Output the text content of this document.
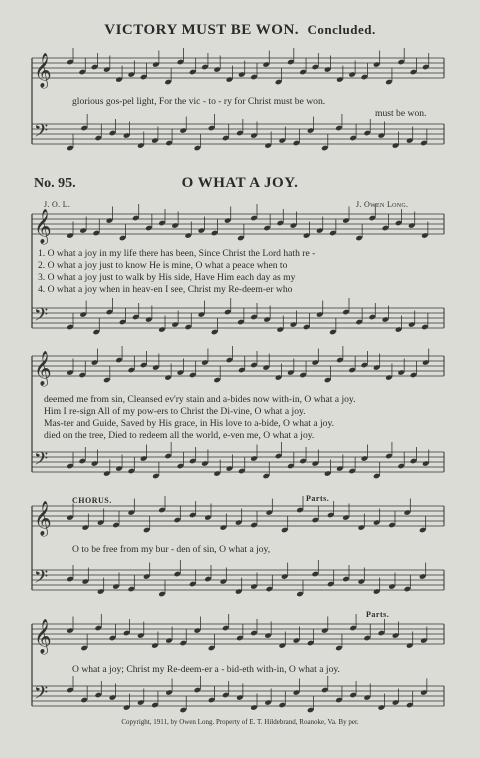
VICTORY MUST BE WON. Concluded.
𝄞
𝄢
𝄞
𝄢
𝄞
𝄢
𝄞
𝄢
𝄞
𝄢
glorious gos-pel light, For the vic - to - ry for Christ must be won.
must be won.
No. 95.	O WHAT A JOY.
J. O. L.	J. Owen Long.
1. O what a joy in my life there has been, Since Christ the Lord hath re -
2. O what a joy just to know He is mine, O what a peace when to
3. O what a joy just to walk by His side, Have Him each day as my
4. O what a joy when in heav-en I see, Christ my Re-deem-er who
deemed me from sin, Cleansed ev'ry stain and a-bides now with-in, O what a joy.
Him I re-sign All of my pow-ers to Christ the Di-vine, O what a joy.
Mas-ter and Guide, Saved by His grace, in His love to a-bide, O what a joy.
died on the tree, Died to redeem all the world, e-ven me, O what a joy.
CHORUS.	Parts.
O to be free from my bur - den of sin, O what a joy,
Parts.
O what a joy; Christ my Re-deem-er a - bid-eth with-in, O what a joy.
Copyright, 1911, by Owen Long. Property of E. T. Hildebrand, Roanoke, Va. By per.
